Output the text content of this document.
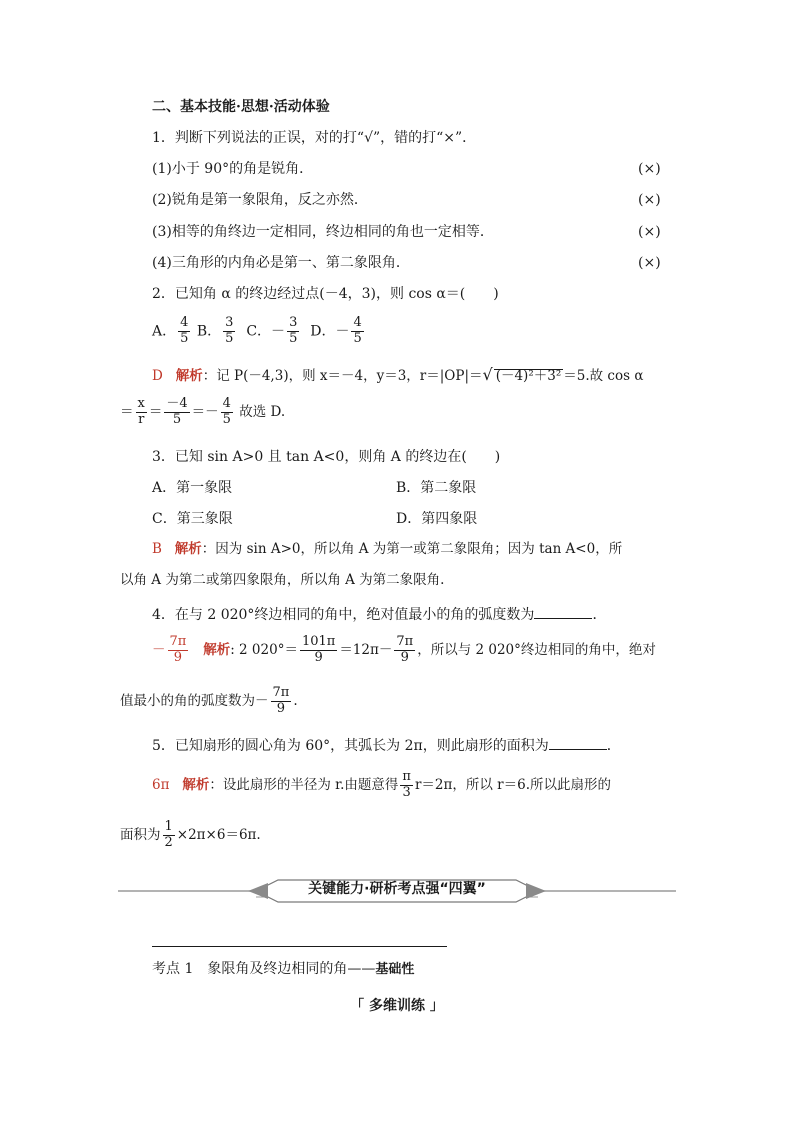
二、基本技能·思想·活动体验
1．判断下列说法的正误，对的打“√”，错的打“×”．
(1)小于 90°的角是锐角．	(×)
(2)锐角是第一象限角，反之亦然．	(×)
(3)相等的角终边一定相同，终边相同的角也一定相等．	(×)
(4)三角形的内角必是第一、第二象限角．	(×)
2．已知角 α 的终边经过点(－4，3)，则 cos α＝(　　)
A． $\frac{4}{5}$ B． $\frac{3}{5}$ C．－ $\frac{3}{5}$ D．－ $\frac{4}{5}$
D 解析：记 P(－4,3)，则 x＝－4，y＝3，r＝|OP|＝√ (－4)²＋3² ＝5.故 cos α
＝ $\frac{x}{r} = \frac{-4}{5} =- \frac{4}{5}$ 故选 D.
3．已知 sin A>0 且 tan A<0，则角 A 的终边在(　　)
A．第一象限	B．第二象限
C．第三象限	D．第四象限
B 解析：因为 sin A>0，所以角 A 为第一或第二象限角；因为 tan A<0，所
以角 A 为第二或第四象限角，所以角 A 为第二象限角.
4．在与 2 020°终边相同的角中，绝对值最小的角的弧度数为	．
－ $\frac{7\pi}{9}$ 解析: 2 $020^\circ= \frac{101\pi}{9} =12\pi- \frac{7\pi}{9}$ ，所以与 2 020°终边相同的角中，绝对
值最小的角的弧度数为－ $\frac{7\pi}{9}$ .
5．已知扇形的圆心角为 60°，其弧长为 2π，则此扇形的面积为	．
6π 解析：设此扇形的半径为 r.由题意得 $\frac{\pi}{3} r=2\pi$，所以 r＝6.所以此扇形的
面积为 $\frac{1}{2} \times 2\pi\times 6=6\pi$.
关键能力·研析考点强“四翼”
考点 1　象限角及终边相同的角——基础性
「 多维训练 」
